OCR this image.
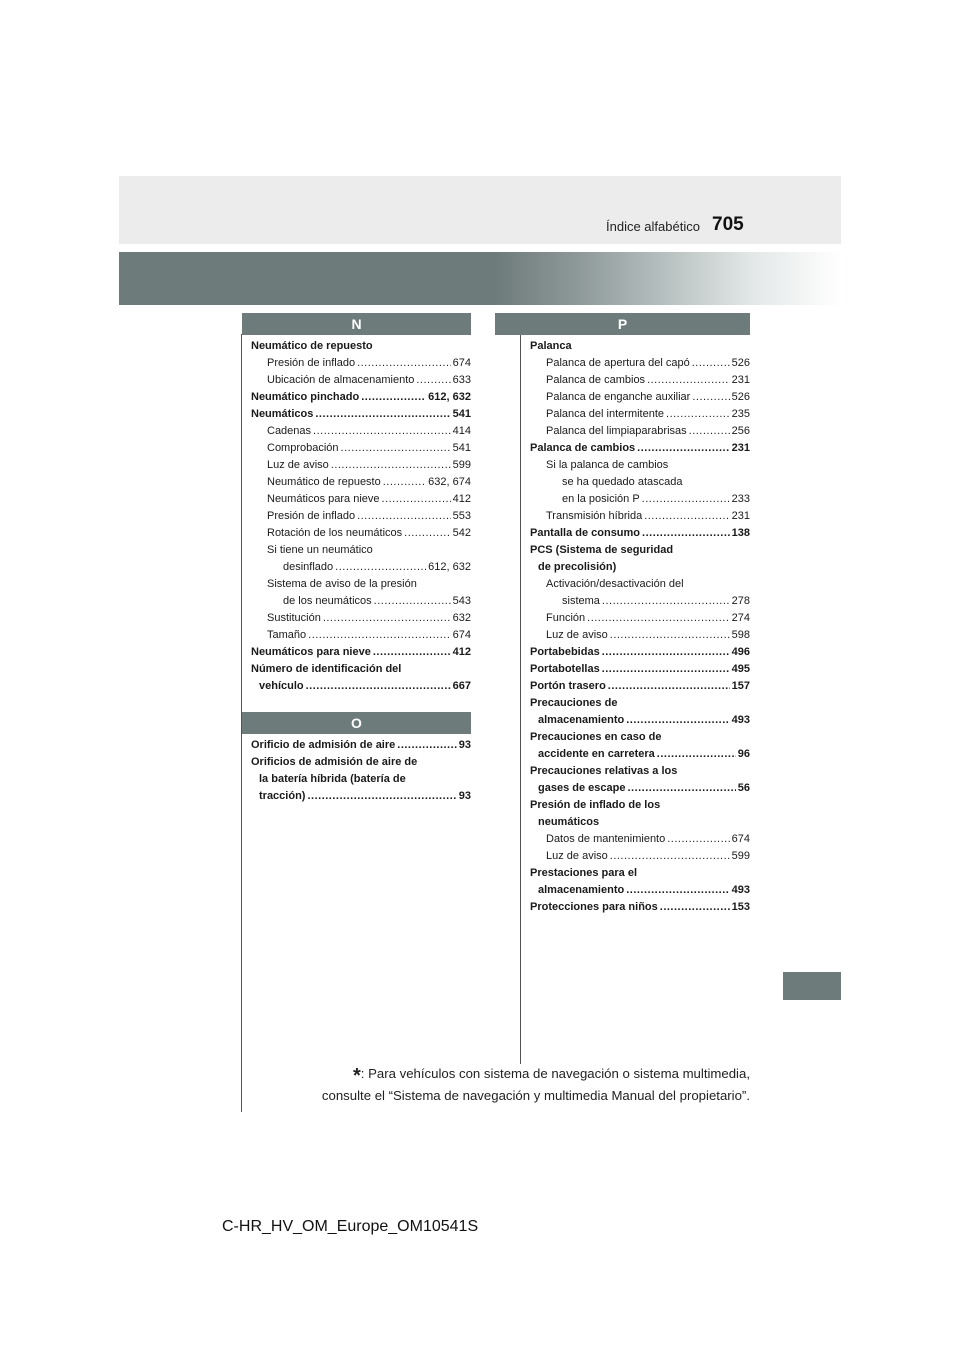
Índice alfabético 705
N
Neumático de repuesto
Presión de inflado .....	674
Ubicación de almacenamiento .....	633
Neumático pinchado .....	612, 632
Neumáticos .....	541
Cadenas .....	414
Comprobación .....	541
Luz de aviso .....	599
Neumático de repuesto .....	632, 674
Neumáticos para nieve .....	412
Presión de inflado .....	553
Rotación de los neumáticos .....	542
Si tiene un neumático
desinflado .....	612, 632
Sistema de aviso de la presión
de los neumáticos .....	543
Sustitución .....	632
Tamaño .....	674
Neumáticos para nieve .....	412
Número de identificación del
vehículo .....	667
O
Orificio de admisión de aire .....	93
Orificios de admisión de aire de
la batería híbrida (batería de
tracción) .....	93
P
Palanca
Palanca de apertura del capó .....	526
Palanca de cambios .....	231
Palanca de enganche auxiliar .....	526
Palanca del intermitente .....	235
Palanca del limpiaparabrisas .....	256
Palanca de cambios .....	231
Si la palanca de cambios
se ha quedado atascada
en la posición P .....	233
Transmisión híbrida .....	231
Pantalla de consumo .....	138
PCS (Sistema de seguridad
de precolisión)
Activación/desactivación del
sistema .....	278
Función .....	274
Luz de aviso .....	598
Portabebidas .....	496
Portabotellas .....	495
Portón trasero .....	157
Precauciones de
almacenamiento .....	493
Precauciones en caso de
accidente en carretera .....	96
Precauciones relativas a los
gases de escape .....	56
Presión de inflado de los
neumáticos
Datos de mantenimiento .....	674
Luz de aviso .....	599
Prestaciones para el
almacenamiento .....	493
Protecciones para niños .....	153
*: Para vehículos con sistema de navegación o sistema multimedia,
consulte el “Sistema de navegación y multimedia Manual del propietario”.
C-HR_HV_OM_Europe_OM10541S
